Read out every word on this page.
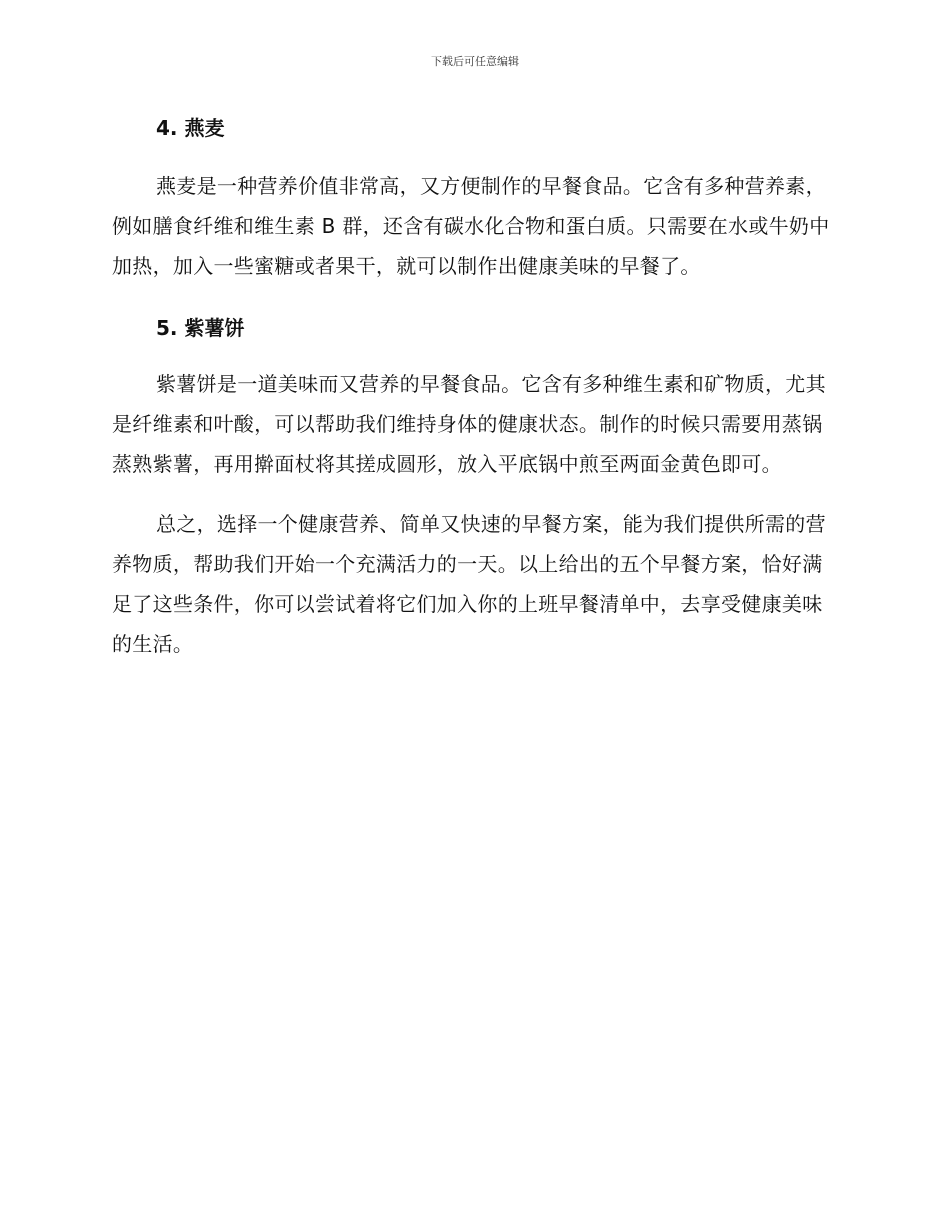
下载后可任意编辑
4. 燕麦

燕麦是一种营养价值非常高，又方便制作的早餐食品。它含有多种营养素，例如膳食纤维和维生素 B 群，还含有碳水化合物和蛋白质。只需要在水或牛奶中加热，加入一些蜜糖或者果干，就可以制作出健康美味的早餐了。

5. 紫薯饼

紫薯饼是一道美味而又营养的早餐食品。它含有多种维生素和矿物质，尤其是纤维素和叶酸，可以帮助我们维持身体的健康状态。制作的时候只需要用蒸锅蒸熟紫薯，再用擀面杖将其搓成圆形，放入平底锅中煎至两面金黄色即可。

总之，选择一个健康营养、简单又快速的早餐方案，能为我们提供所需的营养物质，帮助我们开始一个充满活力的一天。以上给出的五个早餐方案，恰好满足了这些条件，你可以尝试着将它们加入你的上班早餐清单中，去享受健康美味的生活。
